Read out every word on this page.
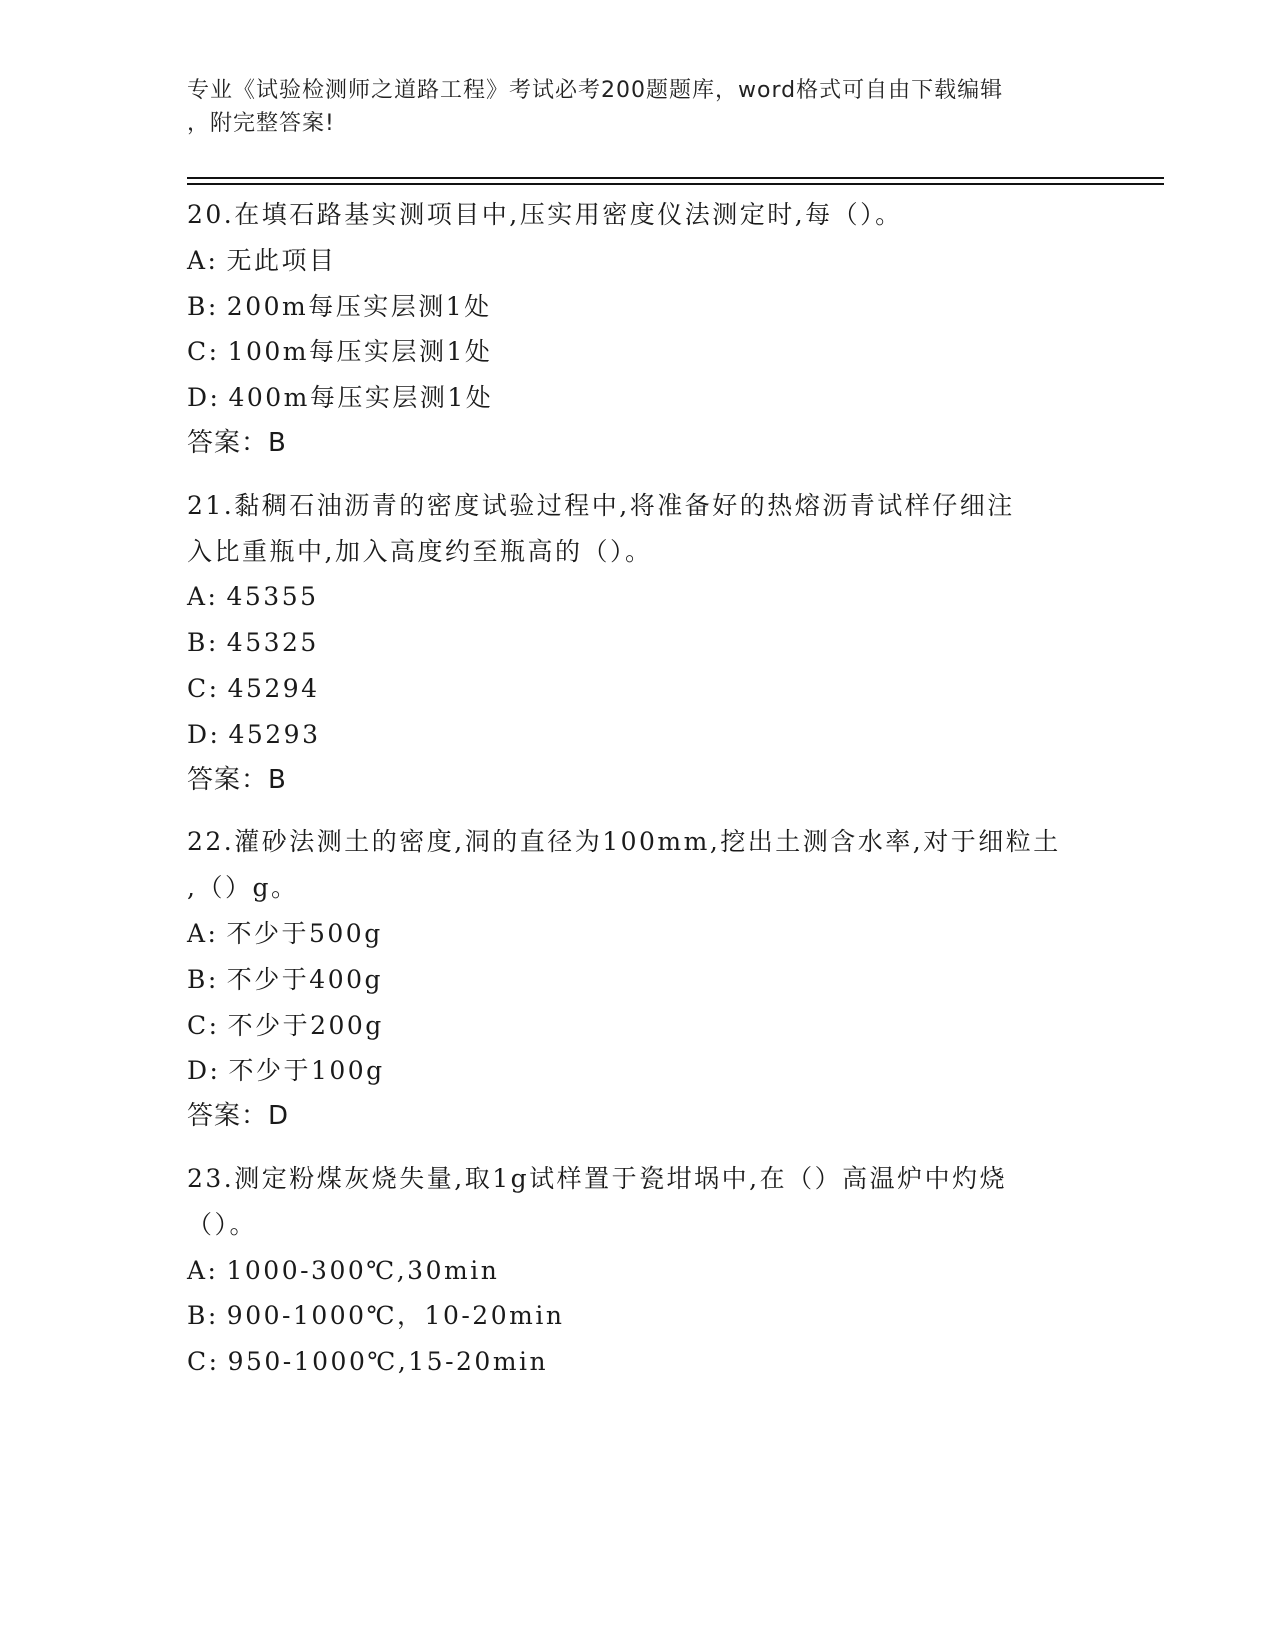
专业《试验检测师之道路工程》考试必考200题题库，word格式可自由下载编辑
，附完整答案!
20.在填石路基实测项目中,压实用密度仪法测定时,每（）。
A: 无此项目
B: 200m每压实层测1处
C: 100m每压实层测1处
D: 400m每压实层测1处
答案：B
21.黏稠石油沥青的密度试验过程中,将准备好的热熔沥青试样仔细注
入比重瓶中,加入高度约至瓶高的（）。
A: 45355
B: 45325
C: 45294
D: 45293
答案：B
22.灌砂法测土的密度,洞的直径为100mm,挖出土测含水率,对于细粒土
,（）g。
A: 不少于500g
B: 不少于400g
C: 不少于200g
D: 不少于100g
答案：D
23.测定粉煤灰烧失量,取1g试样置于瓷坩埚中,在（）高温炉中灼烧
（）。
A: 1000-300℃,30min
B: 900-1000℃，10-20min
C: 950-1000℃,15-20min
